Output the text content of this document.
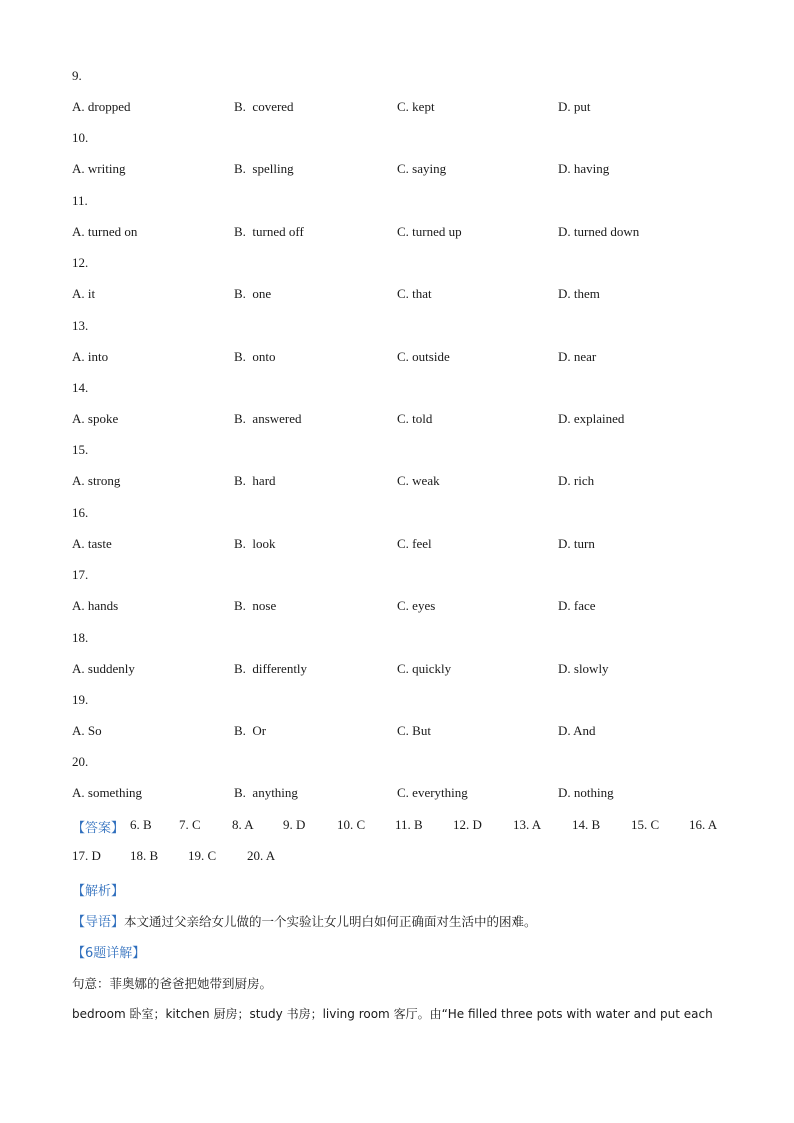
9.
A. dropped	B.  covered	C. kept	D. put
10.
A. writing	B.  spelling	C. saying	D. having
11.
A. turned on	B.  turned off	C. turned up	D. turned down
12.
A. it	B.  one	C. that	D. them
13.
A. into	B.  onto	C. outside	D. near
14.
A. spoke	B.  answered	C. told	D. explained
15.
A. strong	B.  hard	C. weak	D. rich
16.
A. taste	B.  look	C. feel	D. turn
17.
A. hands	B.  nose	C. eyes	D. face
18.
A. suddenly	B.  differently	C. quickly	D. slowly
19.
A. So	B.  Or	C. But	D. And
20.
A. something	B.  anything	C. everything	D. nothing
【答案】 6. B 7. C 8. A 9. D 10. C 11. B 12. D 13. A 14. B 15. C 16. A
17. D 18. B 19. C 20. A
【解析】
【导语】本文通过父亲给女儿做的一个实验让女儿明白如何正确面对生活中的困难。
【6题详解】
句意：菲奥娜的爸爸把她带到厨房。
bedroom 卧室；kitchen 厨房；study 书房；living room 客厅。由“He filled three pots with water and put each
